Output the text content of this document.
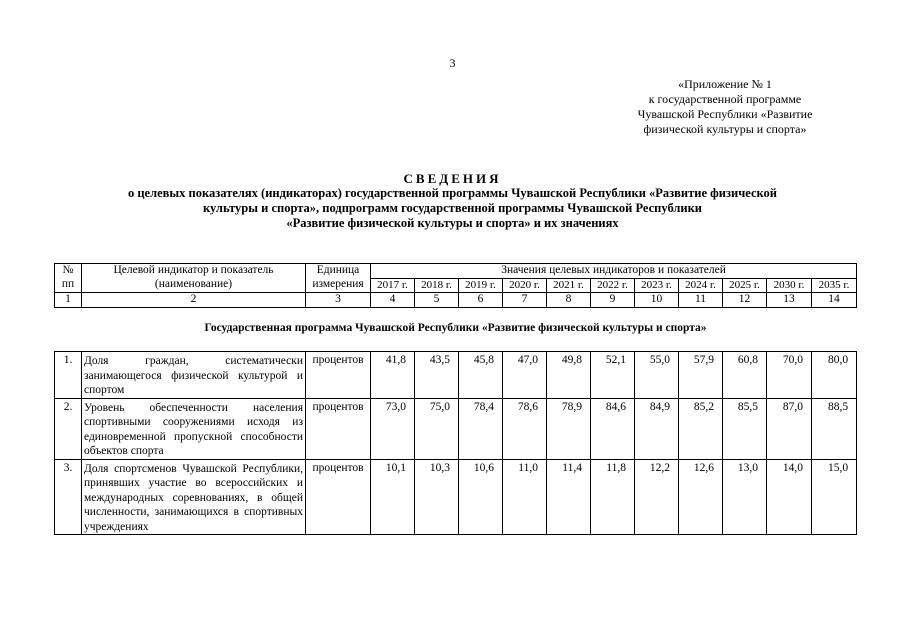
3
«Приложение № 1
к государственной программе
Чувашской Республики «Развитие
физической культуры и спорта»
СВЕДЕНИЯ
о целевых показателях (индикаторах) государственной программы Чувашской Республики «Развитие физической
культуры и спорта», подпрограмм государственной программы Чувашской Республики
«Развитие физической культуры и спорта» и их значениях
№	Целевой индикатор и показатель	Единица	Значения целевых индикаторов и показателей										
пп	(наименование)	измерения	2017 г.	2018 г.	2019 г.	2020 г.	2021 г.	2022 г.	2023 г.	2024 г.	2025 г.	2030 г.	2035 г.
1	2	3	4	5	6	7	8	9	10	11	12	13	14
Государственная программа Чувашской Республики «Развитие физической культуры и спорта»													
1.	Доля граждан, систематически занимающегося физической культурой и спортом	процентов	41,8	43,5	45,8	47,0	49,8	52,1	55,0	57,9	60,8	70,0	80,0
2.	Уровень обеспеченности населения спортивными сооружениями исходя из единовременной пропускной способности объектов спорта	процентов	73,0	75,0	78,4	78,6	78,9	84,6	84,9	85,2	85,5	87,0	88,5
3.	Доля спортсменов Чувашской Республики, принявших участие во всероссийских и международных соревнованиях, в общей численности, занимающихся в спортивных учреждениях	процентов	10,1	10,3	10,6	11,0	11,4	11,8	12,2	12,6	13,0	14,0	15,0
